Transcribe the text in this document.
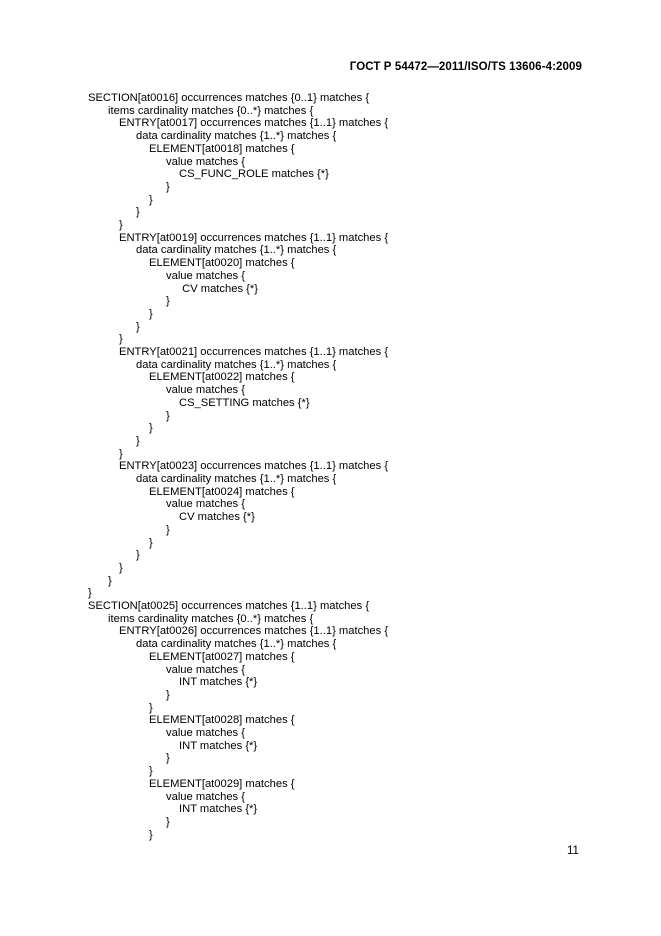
ГОСТ Р 54472—2011/ISO/TS 13606-4:2009
SECTION[at0016] occurrences matches {0..1} matches {
items cardinality matches {0..*} matches {
ENTRY[at0017] occurrences matches {1..1} matches {
data cardinality matches {1..*} matches {
ELEMENT[at0018] matches {
value matches {
CS_FUNC_ROLE matches {*}
}
}
}
}
ENTRY[at0019] occurrences matches {1..1} matches {
data cardinality matches {1..*} matches {
ELEMENT[at0020] matches {
value matches {
CV matches {*}
}
}
}
}
ENTRY[at0021] occurrences matches {1..1} matches {
data cardinality matches {1..*} matches {
ELEMENT[at0022] matches {
value matches {
CS_SETTING matches {*}
}
}
}
}
ENTRY[at0023] occurrences matches {1..1} matches {
data cardinality matches {1..*} matches {
ELEMENT[at0024] matches {
value matches {
CV matches {*}
}
}
}
}
}
}
SECTION[at0025] occurrences matches {1..1} matches {
items cardinality matches {0..*} matches {
ENTRY[at0026] occurrences matches {1..1} matches {
data cardinality matches {1..*} matches {
ELEMENT[at0027] matches {
value matches {
INT matches {*}
}
}
ELEMENT[at0028] matches {
value matches {
INT matches {*}
}
}
ELEMENT[at0029] matches {
value matches {
INT matches {*}
}
}
11
